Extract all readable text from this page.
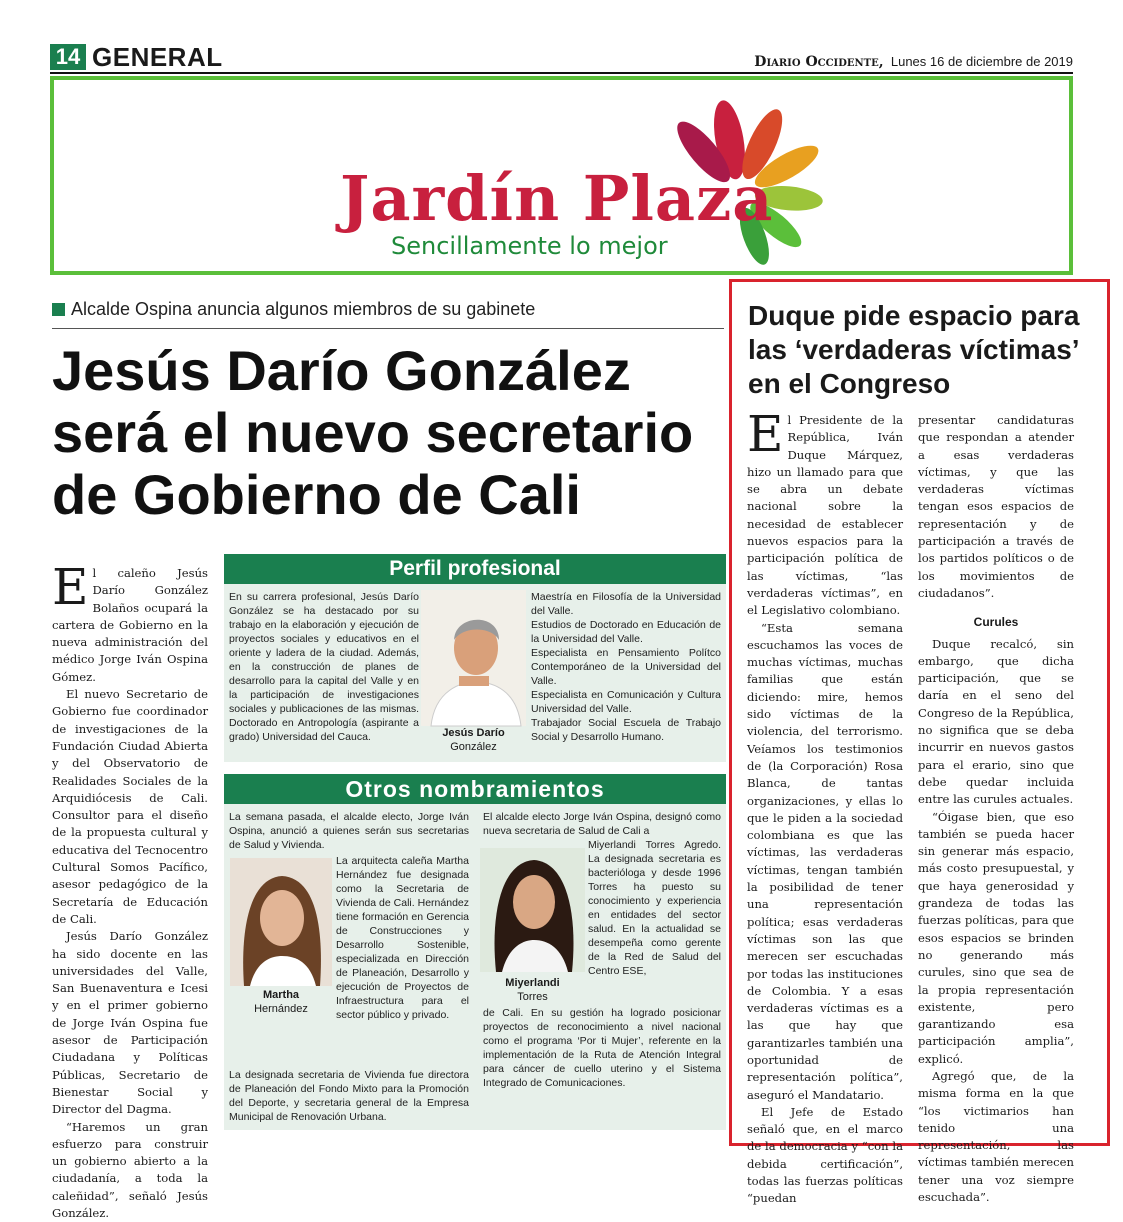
14 GENERAL	Diario Occidente, Lunes 16 de diciembre de 2019
Jardín Plaza
Sencillamente lo mejor
Alcalde Ospina anuncia algunos miembros de su gabinete
Jesús Darío González será el nuevo secretario de Gobierno de Cali

El caleño Jesús Darío González Bolaños ocupará la cartera de Gobierno en la nueva administración del médico Jorge Iván Ospina Gómez.

El nuevo Secretario de Gobierno fue coordinador de investigaciones de la Fundación Ciudad Abierta y del Observatorio de Realidades Sociales de la Arquidiócesis de Cali. Consultor para el diseño de la propuesta cultural y educativa del Tecnocentro Cultural Somos Pacífico, asesor pedagógico de la Secretaría de Educación de Cali.

Jesús Darío González ha sido docente en las universidades del Valle, San Buenaventura e Icesi y en el primer gobierno de Jorge Iván Ospina fue asesor de Participación Ciudadana y Políticas Públicas, Secretario de Bienestar Social y Director del Dagma.

“Haremos un gran esfuerzo para construir un gobierno abierto a la ciudadanía, a toda la caleñidad”, señaló Jesús González.

Perfil profesional
En su carrera profesional, Jesús Darío González se ha destacado por su trabajo en la elaboración y ejecución de proyectos sociales y educativos en el oriente y ladera de la ciudad. Además, en la construcción de planes de desarrollo para la capital del Valle y en la participación de investigaciones sociales y publicaciones de las mismas. Doctorado en Antropología (aspirante a grado) Universidad del Cauca.	Jesús Darío
González
Maestría en Filosofía de la Universidad del Valle.
Estudios de Doctorado en Educación de la Universidad del Valle.
Especialista en Pensamiento Polítco Contemporáneo de la Universidad del Valle.
Especialista en Comunicación y Cultura Universidad del Valle.
Trabajador Social Escuela de Trabajo Social y Desarrollo Humano.
Otros nombramientos
La semana pasada, el alcalde electo, Jorge Iván Ospina, anunció a quienes serán sus secretarias de Salud y Vivienda.
Martha
Hernández
La arquitecta caleña Martha Hernández fue designada como la Secretaria de Vivienda de Cali. Hernández tiene formación en Gerencia de Construcciones y Desarrollo Sostenible, especializada en Dirección de Planeación, Desarrollo y ejecución de Proyectos de Infraestructura para el sector público y privado.
La designada secretaria de Vivienda fue directora de Planeación del Fondo Mixto para la Promoción del Deporte, y secretaria general de la Empresa Municipal de Renovación Urbana.
El alcalde electo Jorge Iván Ospina, designó como nueva secretaria de Salud de Cali a
Miyerlandi
Torres
Miyerlandi Torres Agredo. La designada secretaria es bacterióloga y desde 1996 Torres ha puesto su conocimiento y experiencia en entidades del sector salud. En la actualidad se desempeña como gerente de la Red de Salud del Centro ESE,
de Cali. En su gestión ha logrado posicionar proyectos de reconocimiento a nivel nacional como el programa ‘Por ti Mujer’, referente en la implementación de la Ruta de Atención Integral para cáncer de cuello uterino y el Sistema Integrado de Comunicaciones.
Duque pide espacio para las ‘verdaderas víctimas’ en el Congreso

El Presidente de la República, Iván Duque Márquez, hizo un llamado para que se abra un debate nacional sobre la necesidad de establecer nuevos espacios para la participación política de las víctimas, “las verdaderas víctimas”, en el Legislativo colombiano.

“Esta semana escuchamos las voces de muchas víctimas, muchas familias que están diciendo: mire, hemos sido víctimas de la violencia, del terrorismo. Veíamos los testimonios de (la Corporación) Rosa Blanca, de tantas organizaciones, y ellas lo que le piden a la sociedad colombiana es que las víctimas, las verdaderas víctimas, tengan también la posibilidad de tener una representación política; esas verdaderas víctimas son las que merecen ser escuchadas por todas las instituciones de Colombia. Y a esas verdaderas víctimas es a las que hay que garantizarles también una oportunidad de representación política”, aseguró el Mandatario.

El Jefe de Estado señaló que, en el marco de la democracia y “con la debida certificación”, todas las fuerzas políticas “puedan

presentar candidaturas que respondan a atender a esas verdaderas víctimas, y que las verdaderas víctimas tengan esos espacios de representación y de participación a través de los partidos políticos o de los movimientos de ciudadanos”.

Curules

Duque recalcó, sin embargo, que dicha participación, que se daría en el seno del Congreso de la República, no significa que se deba incurrir en nuevos gastos para el erario, sino que debe quedar incluida entre las curules actuales.

“Óigase bien, que eso también se pueda hacer sin generar más espacio, más costo presupuestal, y que haya generosidad y grandeza de todas las fuerzas políticas, para que esos espacios se brinden no generando más curules, sino que sea de la propia representación existente, pero garantizando esa participación amplia”, explicó.

Agregó que, de la misma forma en la que “los victimarios han tenido una representación, las víctimas también merecen tener una voz siempre escuchada”.
